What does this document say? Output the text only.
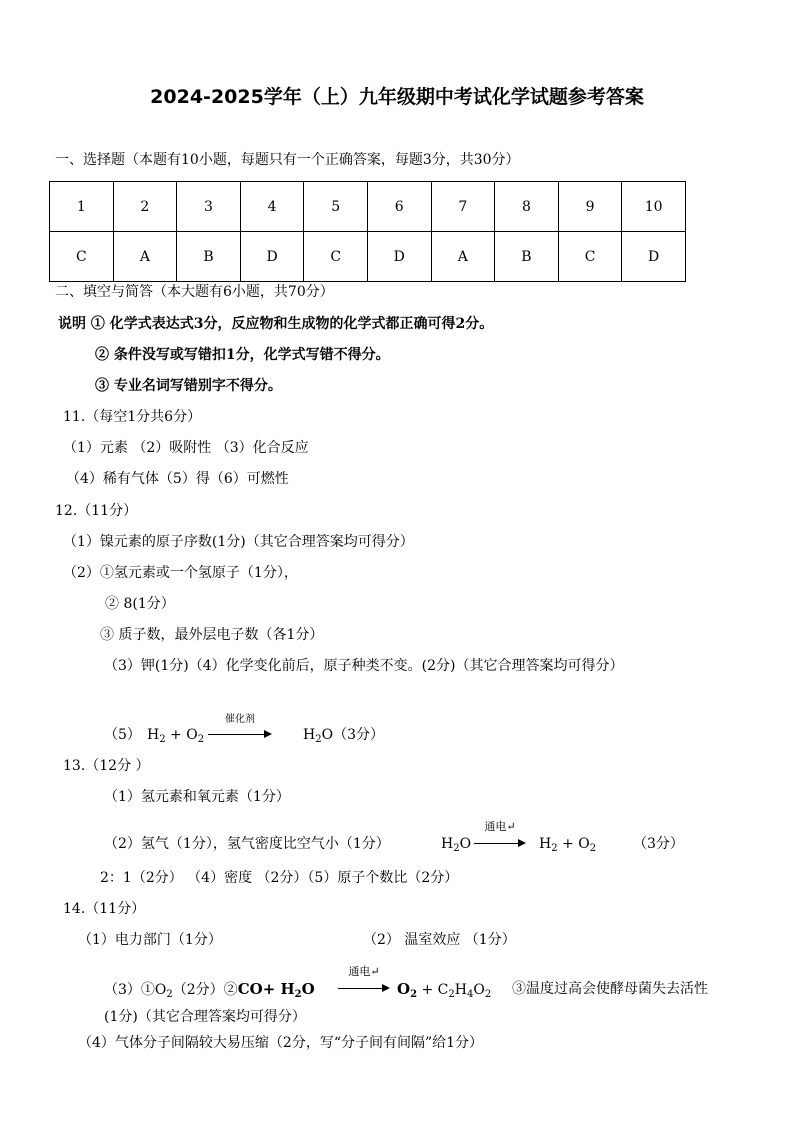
2024-2025学年（上）九年级期中考试化学试题参考答案
一、选择题（本题有10小题，每题只有一个正确答案，每题3分，共30分）
1	2	3	4	5	6	7	8	9	10
C	A	B	D	C	D	A	B	C	D
二、填空与简答（本大题有6小题，共70分）
说明 ① 化学式表达式3分，反应物和生成物的化学式都正确可得2分。
② 条件没写或写错扣1分，化学式写错不得分。
③ 专业名词写错别字不得分。
11.（每空1分共6分）
（1）元素 （2）吸附性 （3）化合反应
（4）稀有气体（5）得（6）可燃性
12.（11分）
（1）镍元素的原子序数(1分)（其它合理答案均可得分）
（2）①氢元素或一个氢原子（1分），
② 8(1分）
③ 质子数，最外层电子数（各1分）
（3）钾(1分)（4）化学变化前后，原子种类不变。(2分)（其它合理答案均可得分）
（5） $H_2 + O_2$
催化剂
$H_2O(3$分）
13.（12分 ）
（1）氢元素和氧元素（1分）
（2）氢气（1分），氢气密度比空气小（1分）	$H_2O$
通电↵
$H_2 + O_2$	（3分）
2：1（2分） （4）密度 （2分）（5）原子个数比（2分）
14.（11分）
（1）电力部门（1分）	（2） 温室效应 （1分）
$(3)①O_2(2$分）②CO+ $H_2O$
通电↵
$O_2 + C_2H_4O_2$ ③温度过高会使酵母菌失去活性
(1分)（其它合理答案均可得分）
（4）气体分子间隔较大易压缩（2分，写“分子间有间隔”给1分）
